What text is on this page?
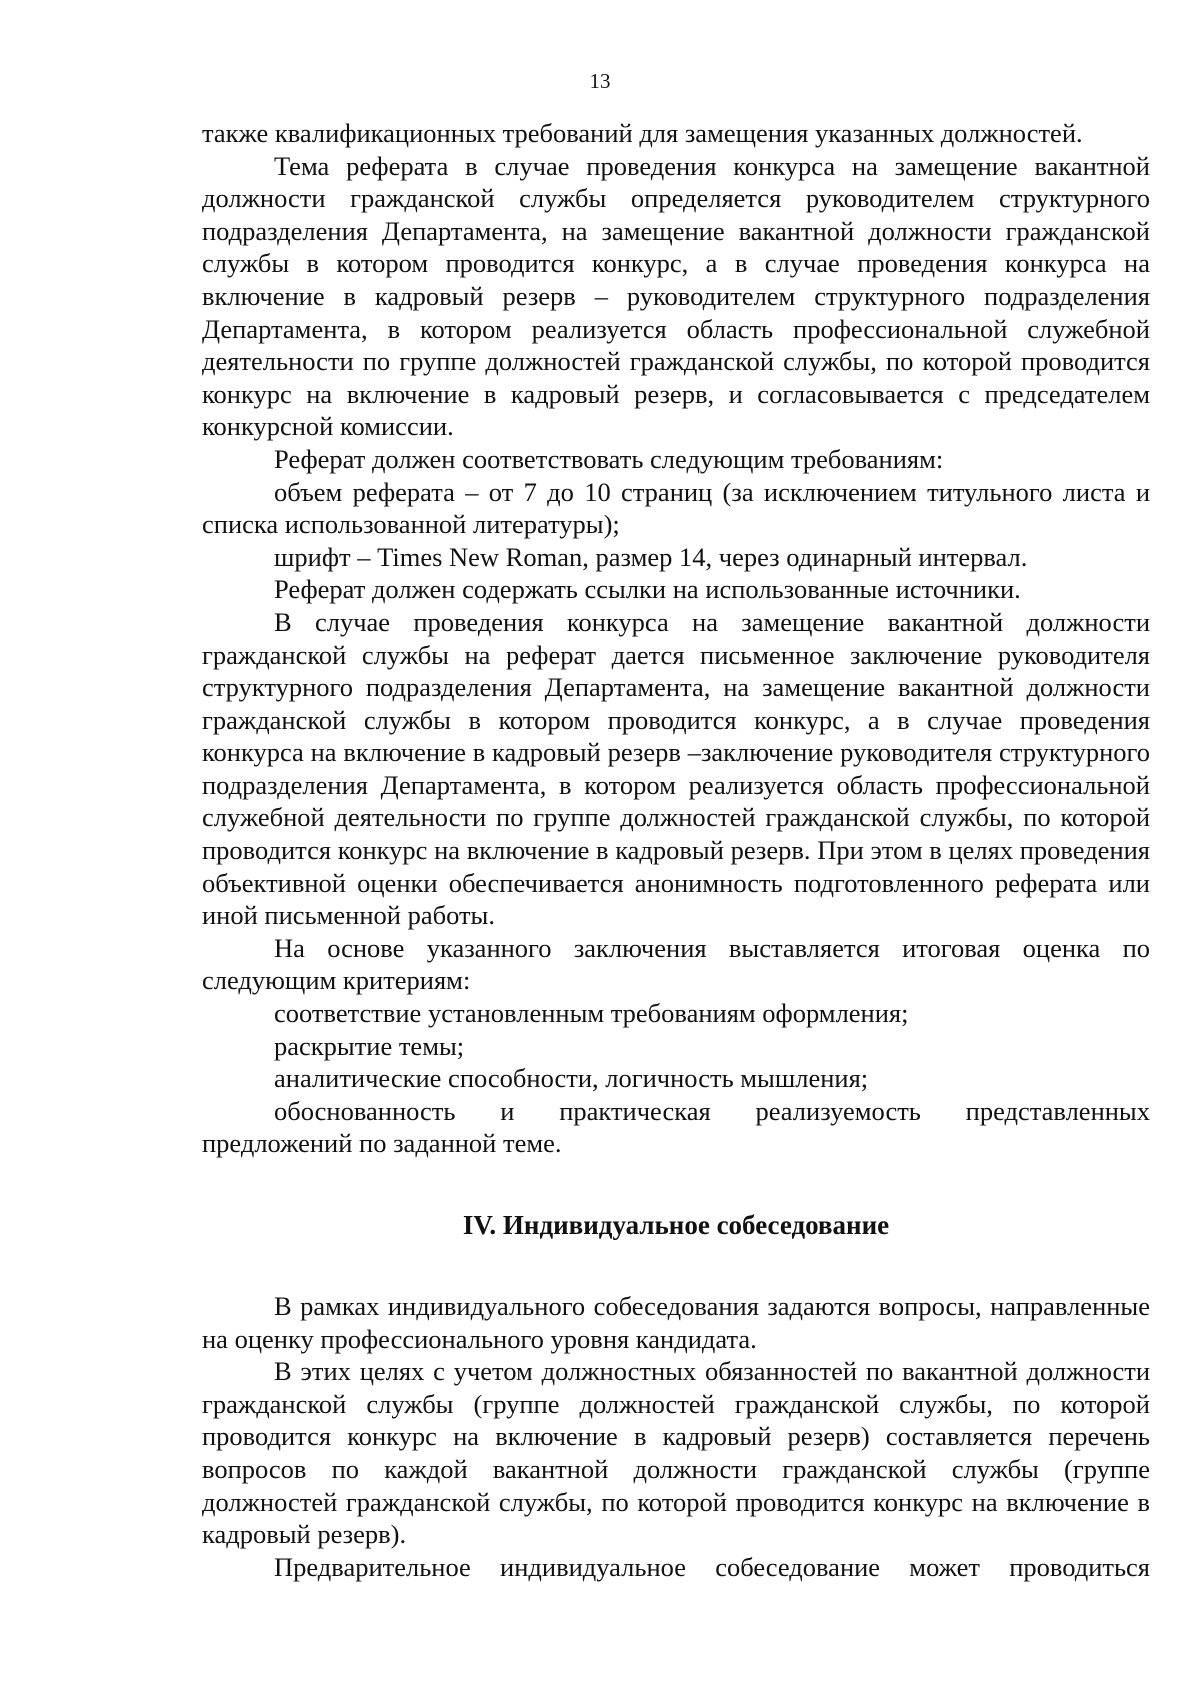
13

также квалификационных требований для замещения указанных должностей.

Тема реферата в случае проведения конкурса на замещение вакантной должности гражданской службы определяется руководителем структурного подразделения Департамента, на замещение вакантной должности гражданской службы в котором проводится конкурс, а в случае проведения конкурса на включение в кадровый резерв – руководителем структурного подразделения Департамента, в котором реализуется область профессиональной служебной деятельности по группе должностей гражданской службы, по которой проводится конкурс на включение в кадровый резерв, и согласовывается с председателем конкурсной комиссии.

Реферат должен соответствовать следующим требованиям:

объем реферата – от 7 до 10 страниц (за исключением титульного листа и списка использованной литературы);

шрифт – Times New Roman, размер 14, через одинарный интервал.

Реферат должен содержать ссылки на использованные источники.

В случае проведения конкурса на замещение вакантной должности гражданской службы на реферат дается письменное заключение руководителя структурного подразделения Департамента, на замещение вакантной должности гражданской службы в котором проводится конкурс, а в случае проведения конкурса на включение в кадровый резерв –заключение руководителя структурного подразделения Департамента, в котором реализуется область профессиональной служебной деятельности по группе должностей гражданской службы, по которой проводится конкурс на включение в кадровый резерв. При этом в целях проведения объективной оценки обеспечивается анонимность подготовленного реферата или иной письменной работы.

На основе указанного заключения выставляется итоговая оценка по следующим критериям:

соответствие установленным требованиям оформления;

раскрытие темы;

аналитические способности, логичность мышления;

обоснованность и практическая реализуемость представленных предложений по заданной теме.

IV. Индивидуальное собеседование

В рамках индивидуального собеседования задаются вопросы, направленные на оценку профессионального уровня кандидата.

В этих целях с учетом должностных обязанностей по вакантной должности гражданской службы (группе должностей гражданской службы, по которой проводится конкурс на включение в кадровый резерв) составляется перечень вопросов по каждой вакантной должности гражданской службы (группе должностей гражданской службы, по которой проводится конкурс на включение в кадровый резерв).

Предварительное индивидуальное собеседование может проводиться
